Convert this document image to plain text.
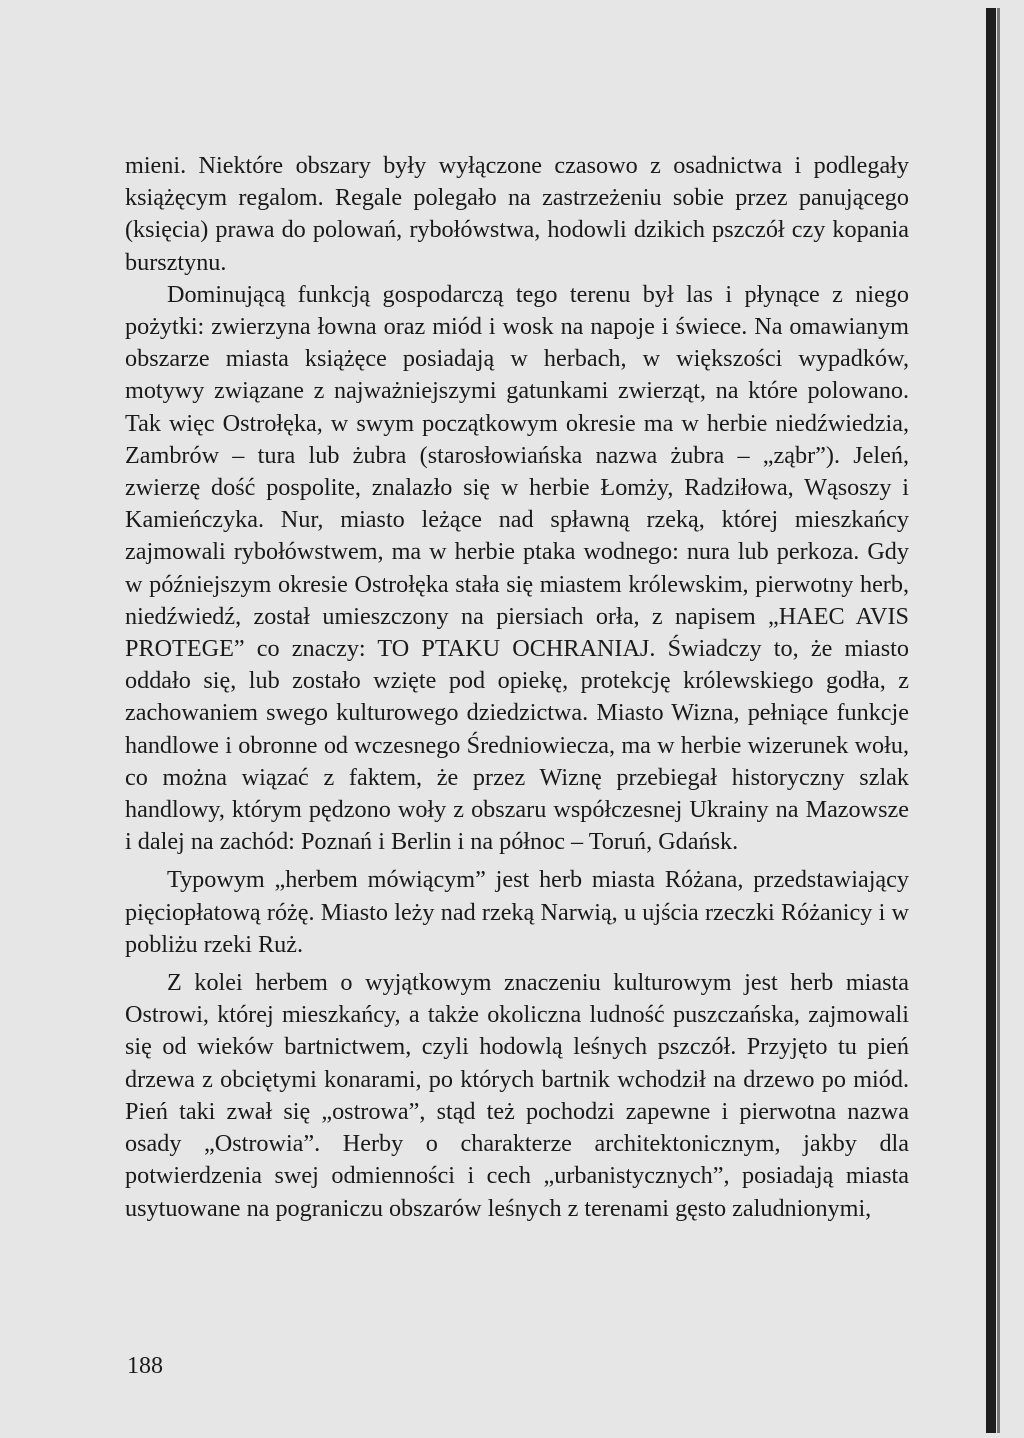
mieni. Niektóre obszary były wyłączone czasowo z osadnictwa i podlegały książęcym regalom. Regale polegało na zastrzeżeniu sobie przez panującego (księcia) prawa do polowań, rybołówstwa, hodowli dzikich pszczół czy kopania bursztynu.

Dominującą funkcją gospodarczą tego terenu był las i płynące z niego pożytki: zwierzyna łowna oraz miód i wosk na napoje i świece. Na omawianym obszarze miasta książęce posiadają w herbach, w większości wypadków, motywy związane z najważniejszymi gatunkami zwierząt, na które polowano. Tak więc Ostrołęka, w swym początkowym okresie ma w herbie niedźwiedzia, Zambrów – tura lub żubra (starosłowiańska nazwa żubra – „ząbr”). Jeleń, zwierzę dość pospolite, znalazło się w herbie Łomży, Radziłowa, Wąsoszy i Kamieńczyka. Nur, miasto leżące nad spławną rzeką, której mieszkańcy zajmowali rybołówstwem, ma w herbie ptaka wodnego: nura lub perkoza. Gdy w późniejszym okresie Ostrołęka stała się miastem królewskim, pierwotny herb, niedźwiedź, został umieszczony na piersiach orła, z napisem „HAEC AVIS PROTEGE” co znaczy: TO PTAKU OCHRANIAJ. Świadczy to, że miasto oddało się, lub zostało wzięte pod opiekę, protekcję królewskiego godła, z zachowaniem swego kulturowego dziedzictwa. Miasto Wizna, pełniące funkcje handlowe i obronne od wczesnego Średniowiecza, ma w herbie wizerunek wołu, co można wiązać z faktem, że przez Wiznę przebiegał historyczny szlak handlowy, którym pędzono woły z obszaru współczesnej Ukrainy na Mazowsze i dalej na zachód: Poznań i Berlin i na północ – Toruń, Gdańsk.

Typowym „herbem mówiącym” jest herb miasta Różana, przedstawiający pięciopłatową różę. Miasto leży nad rzeką Narwią, u ujścia rzeczki Różanicy i w pobliżu rzeki Ruż.

Z kolei herbem o wyjątkowym znaczeniu kulturowym jest herb miasta Ostrowi, której mieszkańcy, a także okoliczna ludność puszczańska, zajmowali się od wieków bartnictwem, czyli hodowlą leśnych pszczół. Przyjęto tu pień drzewa z obciętymi konarami, po których bartnik wchodził na drzewo po miód. Pień taki zwał się „ostrowa”, stąd też pochodzi zapewne i pierwotna nazwa osady „Ostrowia”. Herby o charakterze architektonicznym, jakby dla potwierdzenia swej odmienności i cech „urbanistycznych”, posiadają miasta usytuowane na pograniczu obszarów leśnych z terenami gęsto zaludnionymi,

188
